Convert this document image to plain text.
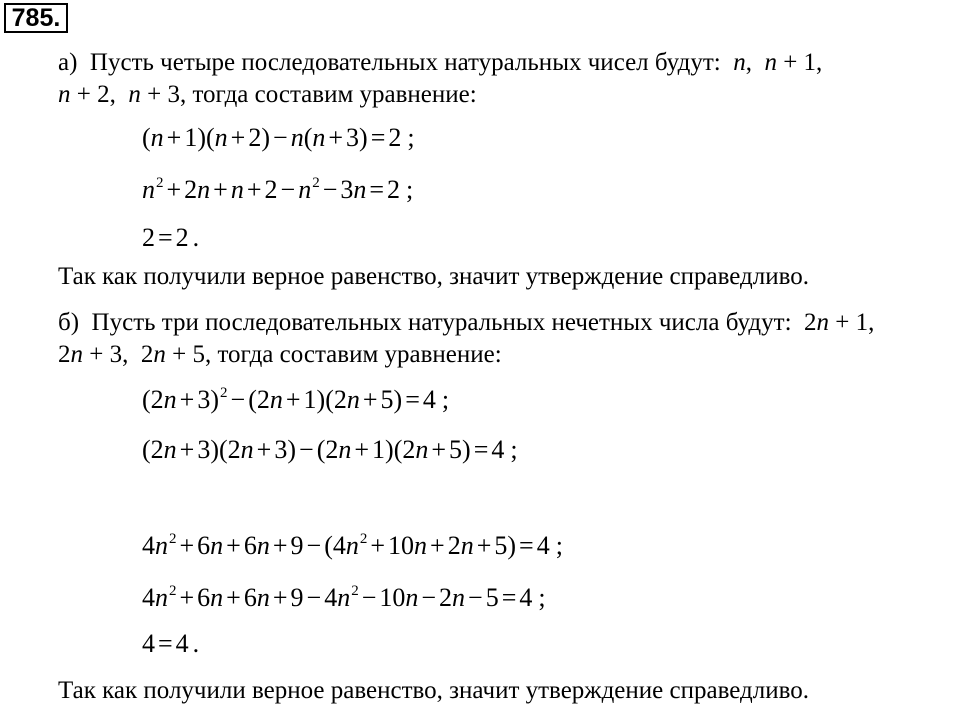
785.
а)  Пусть четыре последовательных натуральных чисел будут:  n,  n + 1,
n + 2,  n + 3, тогда составим уравнение:
(n + 1)(n + 2) − n(n + 3) = 2 ;
$n^2 + 2n + n + 2 - n^2 - 3n = 2$ ;
2 = 2 .
Так как получили верное равенство, значит утверждение справедливо.
б)  Пусть три последовательных натуральных нечетных числа будут:  2n + 1,
2n + 3,  2n + 5, тогда составим уравнение:
$(2n + 3)^2 - (2n + 1)(2n + 5) = 4$ ;
(2n + 3)(2n + 3) − (2n + 1)(2n + 5) = 4 ;
$4n^2 + 6n + 6n + 9 - (4n^2 + 10n + 2n + 5) = 4$ ;
$4n^2 + 6n + 6n + 9 - 4n^2 - 10n - 2n - 5 = 4$ ;
4 = 4 .
Так как получили верное равенство, значит утверждение справедливо.
